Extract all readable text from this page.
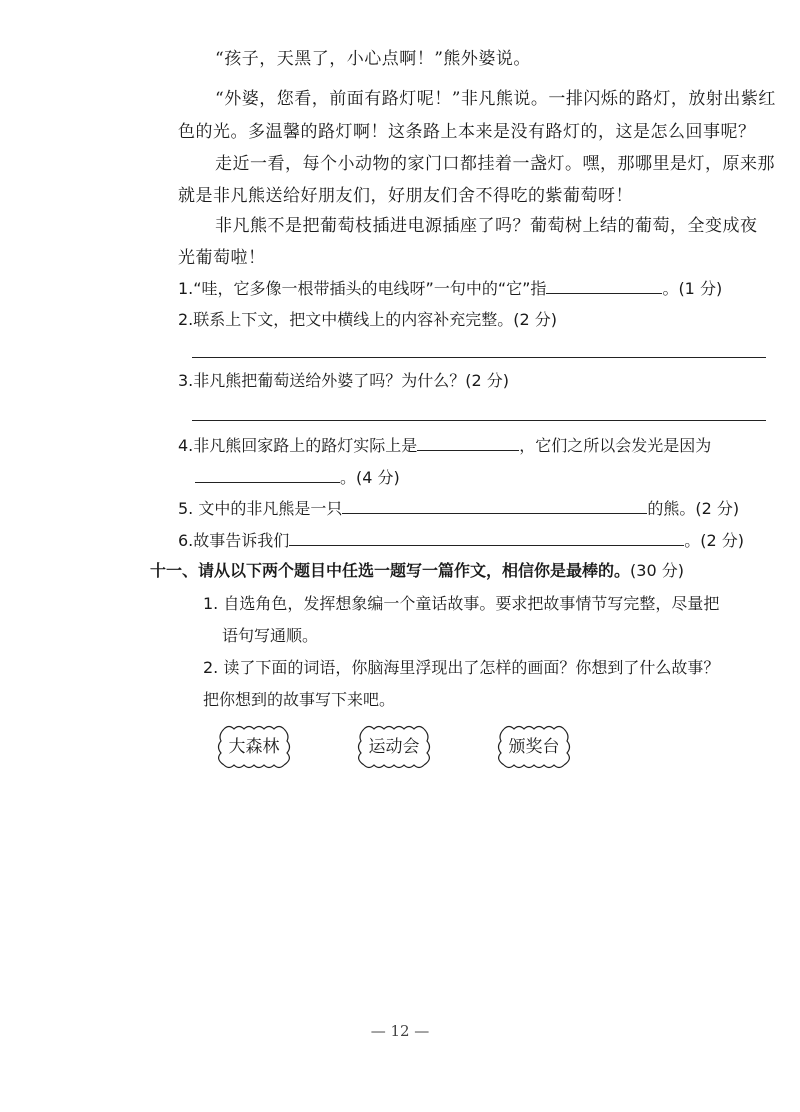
“孩子，天黑了，小心点啊！”熊外婆说。
“外婆，您看，前面有路灯呢！”非凡熊说。一排闪烁的路灯，放射出紫红
色的光。多温馨的路灯啊！这条路上本来是没有路灯的，这是怎么回事呢？
走近一看，每个小动物的家门口都挂着一盏灯。嘿，那哪里是灯，原来那
就是非凡熊送给好朋友们，好朋友们舍不得吃的紫葡萄呀！
非凡熊不是把葡萄枝插进电源插座了吗？葡萄树上结的葡萄，全变成夜
光葡萄啦！
1.“哇，它多像一根带插头的电线呀”一句中的“它”指	。(1 分)
2.联系上下文，把文中横线上的内容补充完整。(2 分)
3.非凡熊把葡萄送给外婆了吗？为什么？(2 分)
4.非凡熊回家路上的路灯实际上是	，它们之所以会发光是因为
。(4 分)
5. 文中的非凡熊是一只	的熊。(2 分)
6.故事告诉我们	。(2 分)
十一、请从以下两个题目中任选一题写一篇作文，相信你是最棒的。(30 分)
1. 自选角色，发挥想象编一个童话故事。要求把故事情节写完整，尽量把
语句写通顺。
2. 读了下面的词语，你脑海里浮现出了怎样的画面？你想到了什么故事？
把你想到的故事写下来吧。
大森林	运动会	颁奖台
— 12 —
